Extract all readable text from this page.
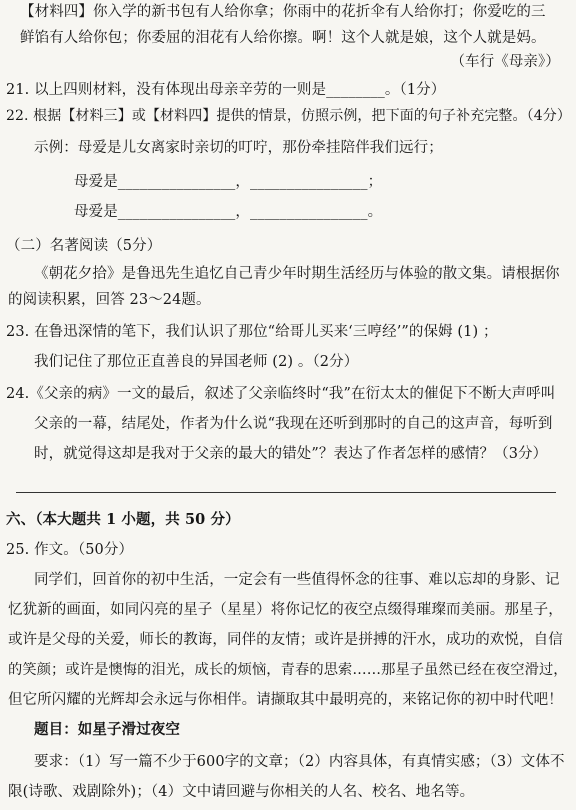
【材料四】你入学的新书包有人给你拿；你雨中的花折伞有人给你打；你爱吃的三
鲜馅有人给你包；你委屈的泪花有人给你擦。啊！这个人就是娘，这个人就是妈。
（车行《母亲》）
21. 以上四则材料，没有体现出母亲辛劳的一则是________。（1分）
22. 根据【材料三】或【材料四】提供的情景，仿照示例，把下面的句子补充完整。（4分）
示例：母爱是儿女离家时亲切的叮咛，那份牵挂陪伴我们远行；
母爱是________________，________________；
母爱是________________，________________。
（二）名著阅读（5分）
《朝花夕拾》是鲁迅先生追忆自己青少年时期生活经历与体验的散文集。请根据你
的阅读积累，回答 23～24题。
23. 在鲁迅深情的笔下，我们认识了那位“给哥儿买来‘三哼经’”的保姆 (1) ；
我们记住了那位正直善良的异国老师 (2) 。（2分）
24.《父亲的病》一文的最后，叙述了父亲临终时“我”在衍太太的催促下不断大声呼叫
父亲的一幕，结尾处，作者为什么说“我现在还听到那时的自己的这声音，每听到
时，就觉得这却是我对于父亲的最大的错处”？表达了作者怎样的感情？（3分）
六、（本大题共 1 小题，共 50 分）
25. 作文。（50分）
同学们，回首你的初中生活，一定会有一些值得怀念的往事、难以忘却的身影、记
忆犹新的画面，如同闪亮的星子（星星）将你记忆的夜空点缀得璀璨而美丽。那星子，
或许是父母的关爱，师长的教诲，同伴的友情；或许是拼搏的汗水，成功的欢悦，自信
的笑颜；或许是懊悔的泪光，成长的烦恼，青春的思索……那星子虽然已经在夜空滑过，
但它所闪耀的光辉却会永远与你相伴。请撷取其中最明亮的，来铭记你的初中时代吧！
题目：如星子滑过夜空
要求：（1）写一篇不少于600字的文章；（2）内容具体，有真情实感；（3）文体不
限(诗歌、戏剧除外)；（4）文中请回避与你相关的人名、校名、地名等。
